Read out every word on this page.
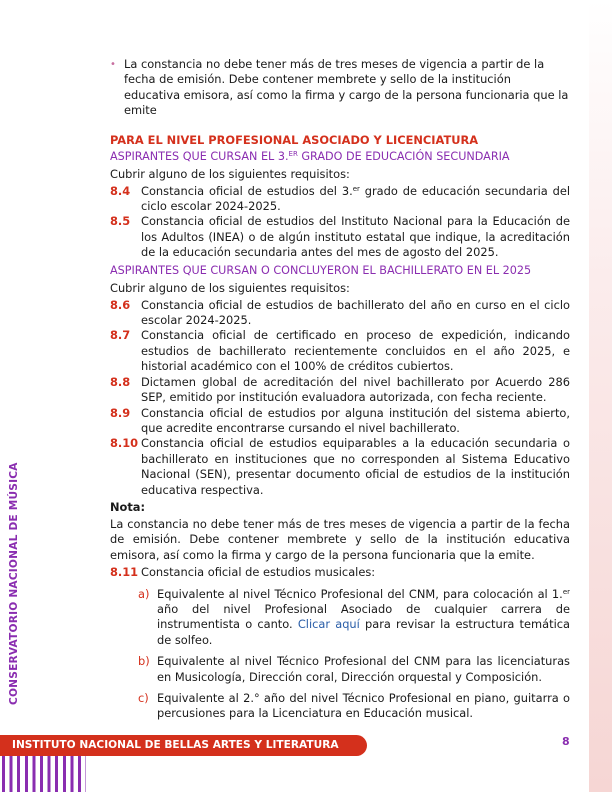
CONSERVATORIO NACIONAL DE MÚSICA
• La constancia no debe tener más de tres meses de vigencia a partir de la fecha de emisión. Debe contener membrete y sello de la institución educativa emisora, así como la firma y cargo de la persona funcionaria que la emite
PARA EL NIVEL PROFESIONAL ASOCIADO Y LICENCIATURA
ASPIRANTES QUE CURSAN EL 3.$^{ER}$ GRADO DE EDUCACIÓN SECUNDARIA
Cubrir alguno de los siguientes requisitos:
8.4 Constancia oficial de estudios del 3.$^{er}$ grado de educación secundaria del ciclo escolar 2024-2025.
8.5 Constancia oficial de estudios del Instituto Nacional para la Educación de los Adultos (INEA) o de algún instituto estatal que indique, la acreditación de la educación secundaria antes del mes de agosto del 2025.
ASPIRANTES QUE CURSAN O CONCLUYERON EL BACHILLERATO EN EL 2025
Cubrir alguno de los siguientes requisitos:
8.6 Constancia oficial de estudios de bachillerato del año en curso en el ciclo escolar 2024-2025.
8.7 Constancia oficial de certificado en proceso de expedición, indicando estudios de bachillerato recientemente concluidos en el año 2025, e historial académico con el 100% de créditos cubiertos.
8.8 Dictamen global de acreditación del nivel bachillerato por Acuerdo 286 SEP, emitido por institución evaluadora autorizada, con fecha reciente.
8.9 Constancia oficial de estudios por alguna institución del sistema abierto, que acredite encontrarse cursando el nivel bachillerato.
8.10 Constancia oficial de estudios equiparables a la educación secundaria o bachillerato en instituciones que no corresponden al Sistema Educativo Nacional (SEN), presentar documento oficial de estudios de la institución educativa respectiva.
Nota:
La constancia no debe tener más de tres meses de vigencia a partir de la fecha de emisión. Debe contener membrete y sello de la institución educativa emisora, así como la firma y cargo de la persona funcionaria que la emite.
8.11 Constancia oficial de estudios musicales:
a) Equivalente al nivel Técnico Profesional del CNM, para colocación al 1.$^{er}$ año del nivel Profesional Asociado de cualquier carrera de instrumentista o canto. Clicar aquí para revisar la estructura temática de solfeo.
b) Equivalente al nivel Técnico Profesional del CNM para las licenciaturas en Musicología, Dirección coral, Dirección orquestal y Composición.
c) Equivalente al 2.° año del nivel Técnico Profesional en piano, guitarra o percusiones para la Licenciatura en Educación musical.
INSTITUTO NACIONAL DE BELLAS ARTES Y LITERATURA	8
